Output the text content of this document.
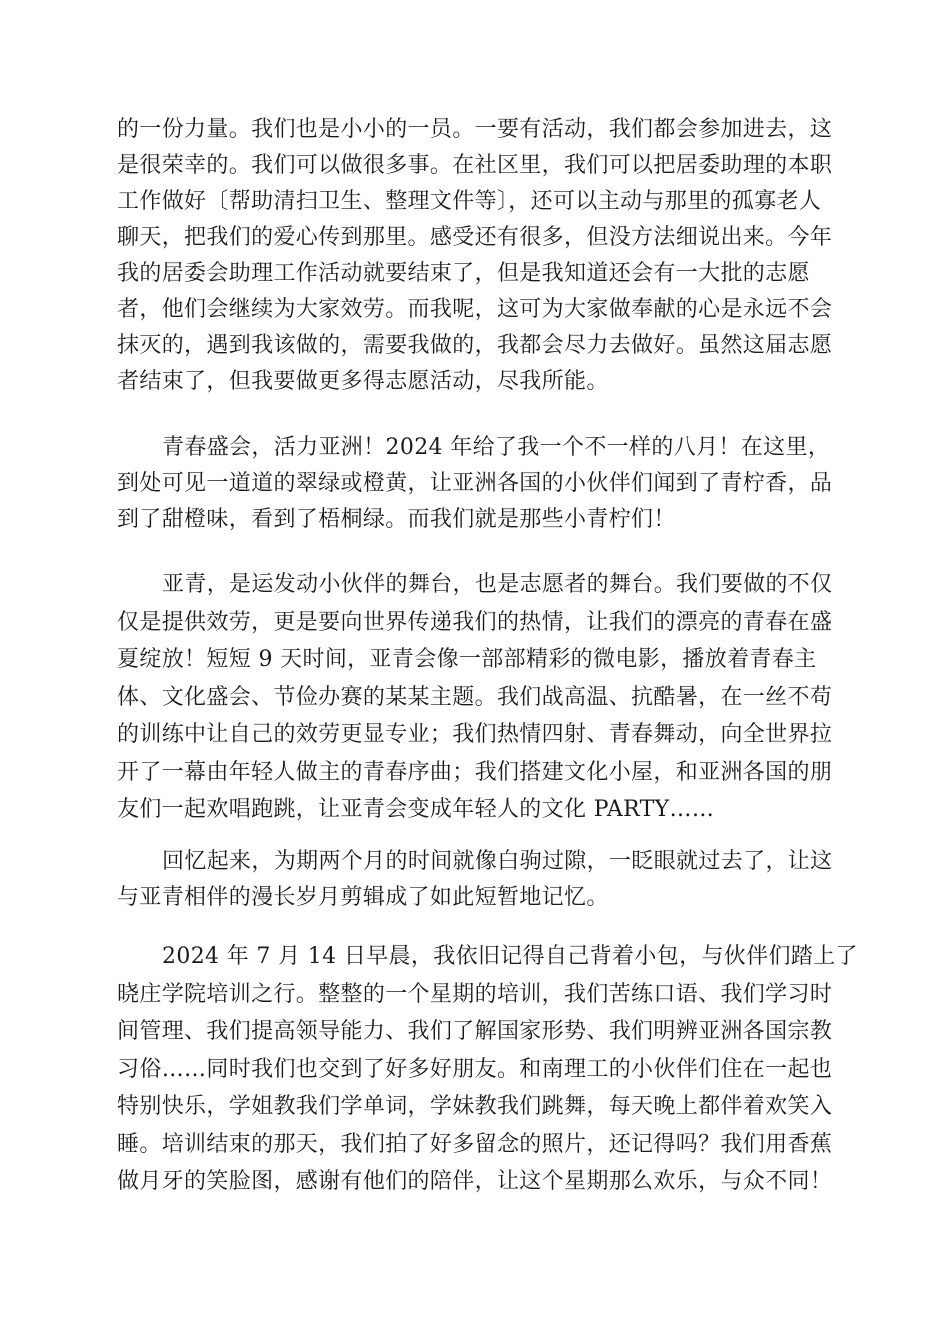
的一份力量。我们也是小小的一员。一要有活动，我们都会参加进去，这
是很荣幸的。我们可以做很多事。在社区里，我们可以把居委助理的本职
工作做好〔帮助清扫卫生、整理文件等〕，还可以主动与那里的孤寡老人
聊天，把我们的爱心传到那里。感受还有很多，但没方法细说出来。今年
我的居委会助理工作活动就要结束了，但是我知道还会有一大批的志愿
者，他们会继续为大家效劳。而我呢，这可为大家做奉献的心是永远不会
抹灭的，遇到我该做的，需要我做的，我都会尽力去做好。虽然这届志愿
者结束了，但我要做更多得志愿活动，尽我所能。
青春盛会，活力亚洲！2024 年给了我一个不一样的八月！在这里，
到处可见一道道的翠绿或橙黄，让亚洲各国的小伙伴们闻到了青柠香，品
到了甜橙味，看到了梧桐绿。而我们就是那些小青柠们！
亚青，是运发动小伙伴的舞台，也是志愿者的舞台。我们要做的不仅
仅是提供效劳，更是要向世界传递我们的热情，让我们的漂亮的青春在盛
夏绽放！短短 9 天时间，亚青会像一部部精彩的微电影，播放着青春主
体、文化盛会、节俭办赛的某某主题。我们战高温、抗酷暑，在一丝不苟
的训练中让自己的效劳更显专业；我们热情四射、青春舞动，向全世界拉
开了一幕由年轻人做主的青春序曲；我们搭建文化小屋，和亚洲各国的朋
友们一起欢唱跑跳，让亚青会变成年轻人的文化 PARTY……
回忆起来，为期两个月的时间就像白驹过隙，一眨眼就过去了，让这
与亚青相伴的漫长岁月剪辑成了如此短暂地记忆。
2024 年 7 月 14 日早晨，我依旧记得自己背着小包，与伙伴们踏上了
晓庄学院培训之行。整整的一个星期的培训，我们苦练口语、我们学习时
间管理、我们提高领导能力、我们了解国家形势、我们明辨亚洲各国宗教
习俗……同时我们也交到了好多好朋友。和南理工的小伙伴们住在一起也
特别快乐，学姐教我们学单词，学妹教我们跳舞，每天晚上都伴着欢笑入
睡。培训结束的那天，我们拍了好多留念的照片，还记得吗？我们用香蕉
做月牙的笑脸图，感谢有他们的陪伴，让这个星期那么欢乐，与众不同！
